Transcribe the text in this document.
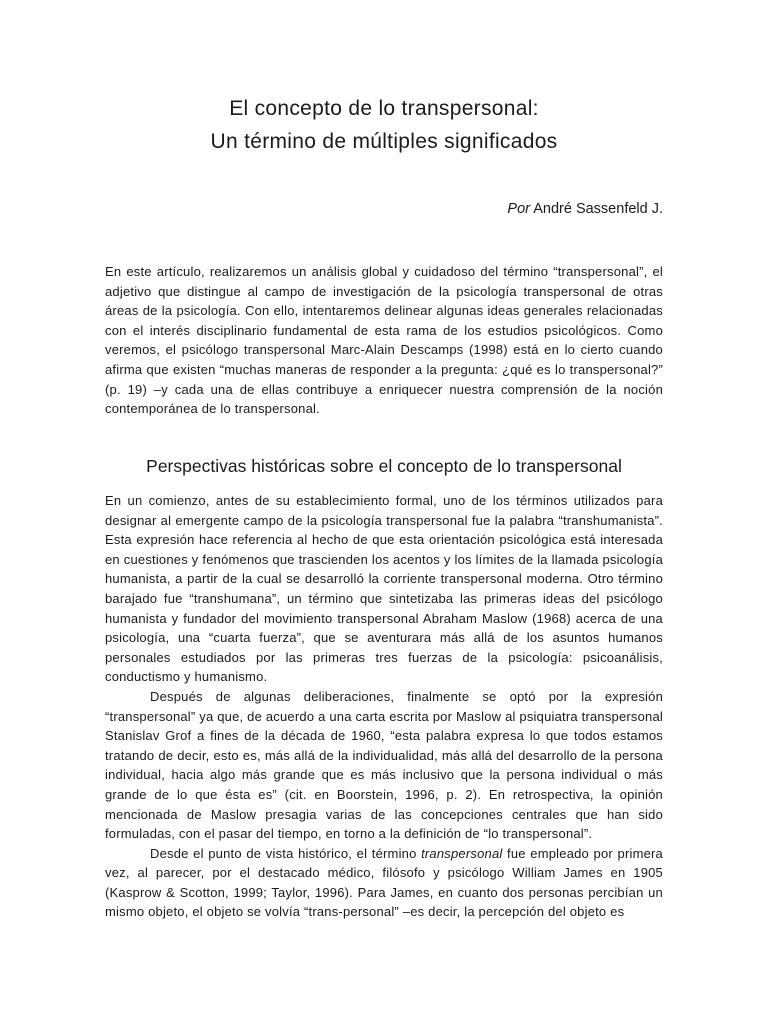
El concepto de lo transpersonal:
Un término de múltiples significados
Por André Sassenfeld J.

En este artículo, realizaremos un análisis global y cuidadoso del término “transpersonal”, el adjetivo que distingue al campo de investigación de la psicología transpersonal de otras áreas de la psicología. Con ello, intentaremos delinear algunas ideas generales relacionadas con el interés disciplinario fundamental de esta rama de los estudios psicológicos. Como veremos, el psicólogo transpersonal Marc-Alain Descamps (1998) está en lo cierto cuando afirma que existen “muchas maneras de responder a la pregunta: ¿qué es lo transpersonal?” (p. 19) –y cada una de ellas contribuye a enriquecer nuestra comprensión de la noción contemporánea de lo transpersonal.

Perspectivas históricas sobre el concepto de lo transpersonal

En un comienzo, antes de su establecimiento formal, uno de los términos utilizados para designar al emergente campo de la psicología transpersonal fue la palabra “transhumanista”. Esta expresión hace referencia al hecho de que esta orientación psicológica está interesada en cuestiones y fenómenos que trascienden los acentos y los límites de la llamada psicología humanista, a partir de la cual se desarrolló la corriente transpersonal moderna. Otro término barajado fue “transhumana”, un término que sintetizaba las primeras ideas del psicólogo humanista y fundador del movimiento transpersonal Abraham Maslow (1968) acerca de una psicología, una “cuarta fuerza”, que se aventurara más allá de los asuntos humanos personales estudiados por las primeras tres fuerzas de la psicología: psicoanálisis, conductismo y humanismo.

Después de algunas deliberaciones, finalmente se optó por la expresión “transpersonal” ya que, de acuerdo a una carta escrita por Maslow al psiquiatra transpersonal Stanislav Grof a fines de la década de 1960, “esta palabra expresa lo que todos estamos tratando de decir, esto es, más allá de la individualidad, más allá del desarrollo de la persona individual, hacia algo más grande que es más inclusivo que la persona individual o más grande de lo que ésta es” (cit. en Boorstein, 1996, p. 2). En retrospectiva, la opinión mencionada de Maslow presagia varias de las concepciones centrales que han sido formuladas, con el pasar del tiempo, en torno a la definición de “lo transpersonal”.

Desde el punto de vista histórico, el término transpersonal fue empleado por primera vez, al parecer, por el destacado médico, filósofo y psicólogo William James en 1905 (Kasprow & Scotton, 1999; Taylor, 1996). Para James, en cuanto dos personas percibían un mismo objeto, el objeto se volvía “trans-personal” –es decir, la percepción del objeto es
